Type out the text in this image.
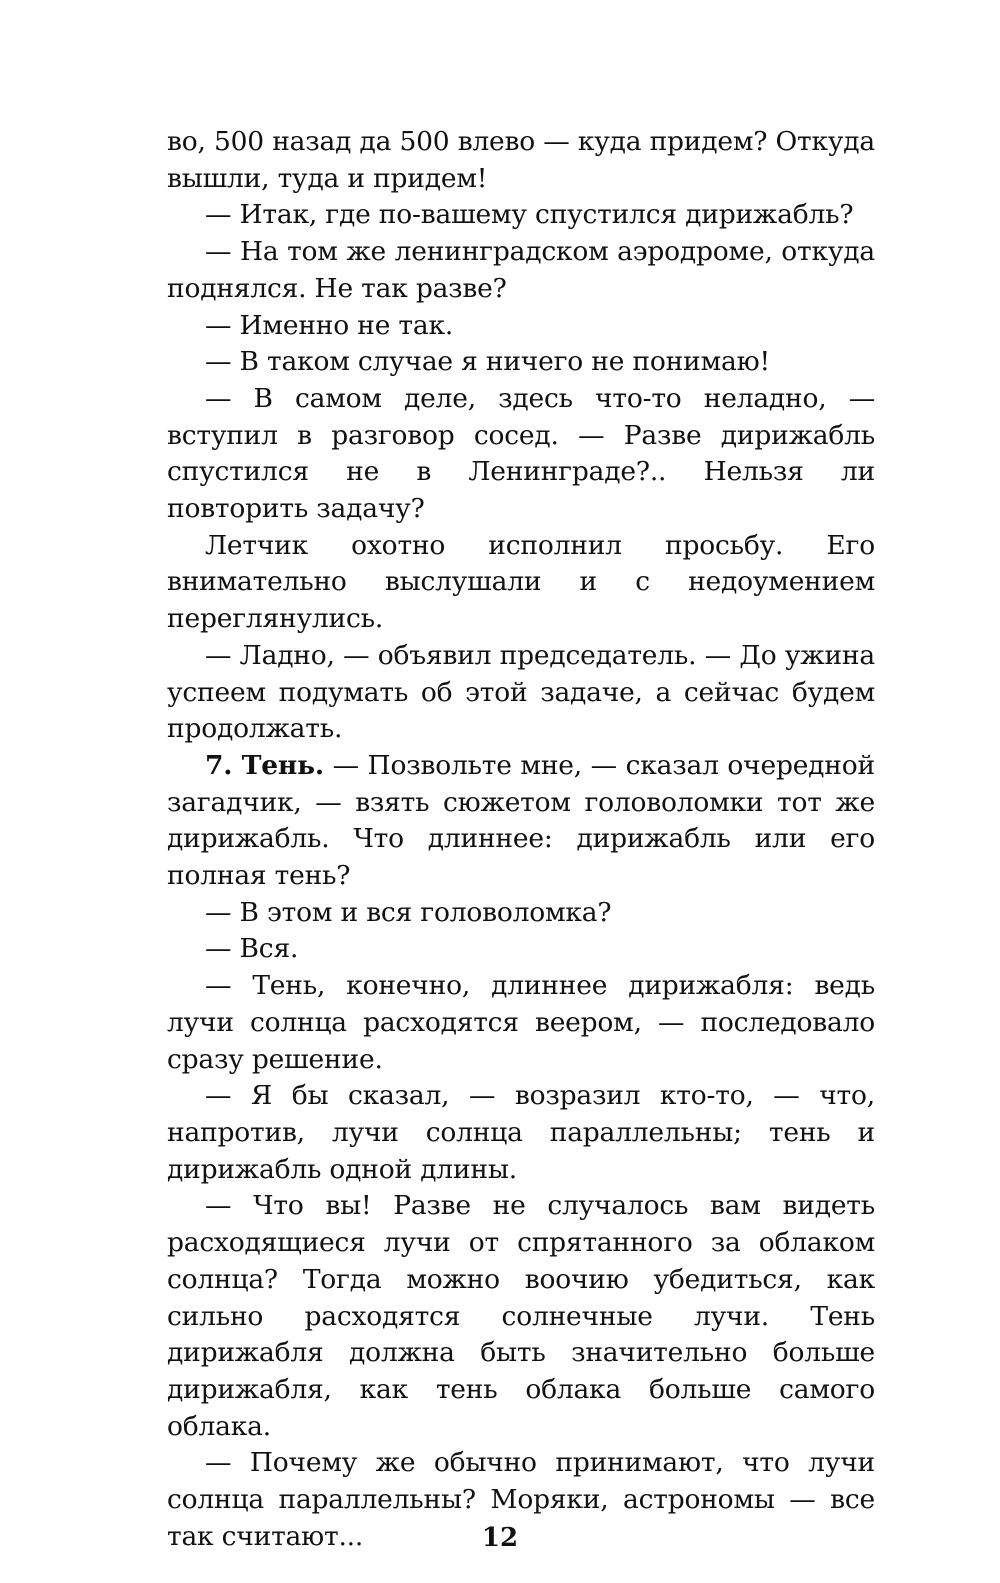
во, 500 назад да 500 влево — куда придем? Откуда вышли, туда и придем!

— Итак, где по-вашему спустился дирижабль?

— На том же ленинградском аэродроме, откуда поднялся. Не так разве?

— Именно не так.

— В таком случае я ничего не понимаю!

— В самом деле, здесь что-то неладно, — вступил в разговор сосед. — Разве дирижабль спустился не в Ленинграде?.. Нельзя ли повторить задачу?

Летчик охотно исполнил просьбу. Его внимательно выслушали и с недоумением переглянулись.

— Ладно, — объявил председатель. — До ужина успеем подумать об этой задаче, а сейчас будем продолжать.

7. Тень. — Позвольте мне, — сказал очередной загадчик, — взять сюжетом головоломки тот же дирижабль. Что длиннее: дирижабль или его полная тень?

— В этом и вся головоломка?

— Вся.

— Тень, конечно, длиннее дирижабля: ведь лучи солнца расходятся веером, — последовало сразу решение.

— Я бы сказал, — возразил кто-то, — что, напротив, лучи солнца параллельны; тень и дирижабль одной длины.

— Что вы! Разве не случалось вам видеть расходящиеся лучи от спрятанного за облаком солнца? Тогда можно воочию убедиться, как сильно расходятся солнечные лучи. Тень дирижабля должна быть значительно больше дирижабля, как тень облака больше самого облака.

— Почему же обычно принимают, что лучи солнца параллельны? Моряки, астрономы — все так считают...	12
